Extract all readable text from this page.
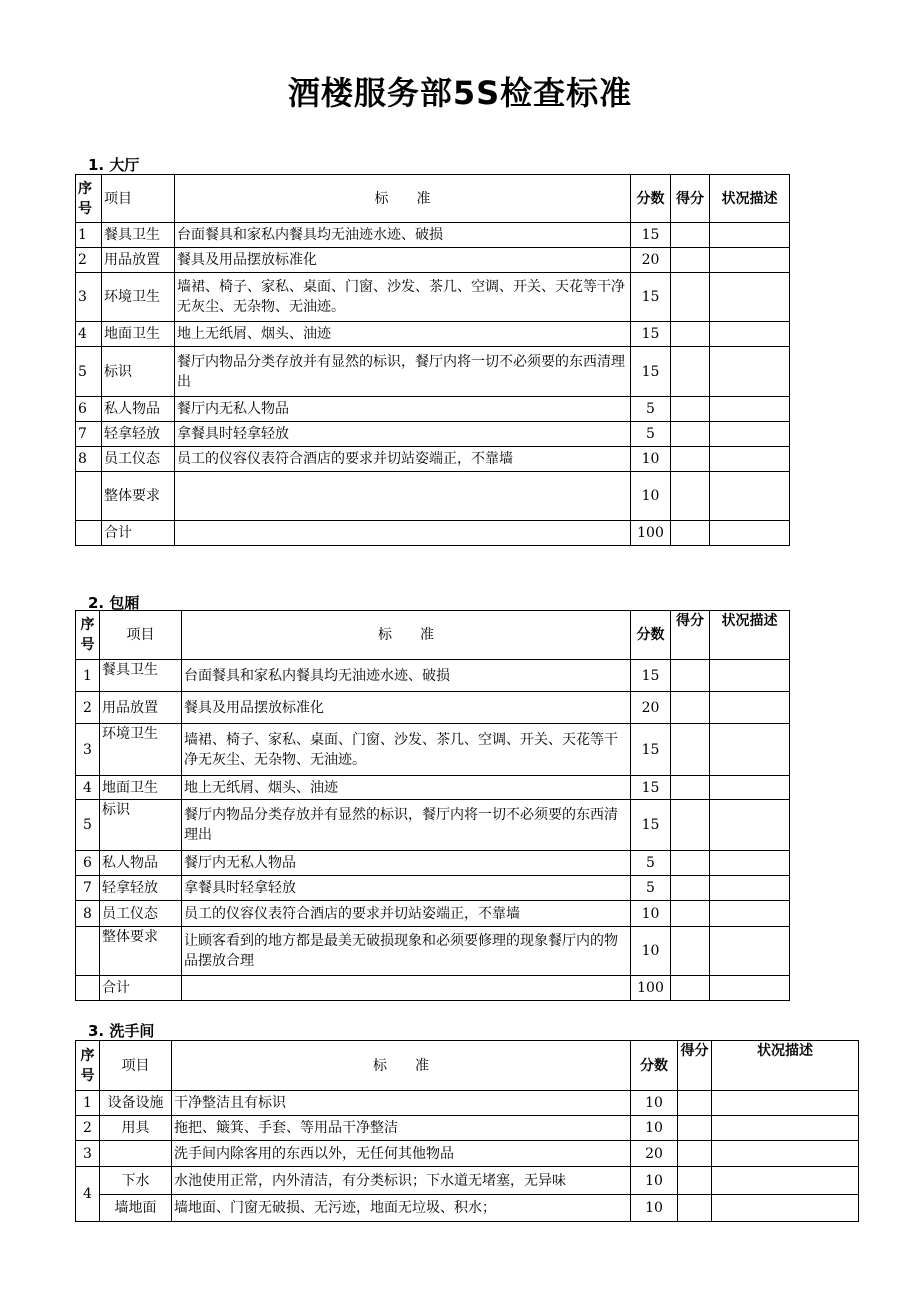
酒楼服务部5S检查标准
1. 大厅
序号	项目	标　　准	分数	得分	状况描述
1	餐具卫生	台面餐具和家私内餐具均无油迹水迹、破损	15		
2	用品放置	餐具及用品摆放标准化	20		
3	环境卫生	墙裙、椅子、家私、桌面、门窗、沙发、茶几、空调、开关、天花等干净无灰尘、无杂物、无油迹。	15		
4	地面卫生	地上无纸屑、烟头、油迹	15		
5	标识	餐厅内物品分类存放并有显然的标识，餐厅内将一切不必须要的东西清理出	15		
6	私人物品	餐厅内无私人物品	5		
7	轻拿轻放	拿餐具时轻拿轻放	5		
8	员工仪态	员工的仪容仪表符合酒店的要求并切站姿端正，不靠墙	10		
	整体要求		10		
	合计		100		
2. 包厢
序号	项目	标　　准	分数	得分	状况描述
1	餐具卫生	台面餐具和家私内餐具均无油迹水迹、破损	15		
2	用品放置	餐具及用品摆放标准化	20		
3	环境卫生	墙裙、椅子、家私、桌面、门窗、沙发、茶几、空调、开关、天花等干净无灰尘、无杂物、无油迹。	15		
4	地面卫生	地上无纸屑、烟头、油迹	15		
5	标识	餐厅内物品分类存放并有显然的标识，餐厅内将一切不必须要的东西清理出	15		
6	私人物品	餐厅内无私人物品	5		
7	轻拿轻放	拿餐具时轻拿轻放	5		
8	员工仪态	员工的仪容仪表符合酒店的要求并切站姿端正，不靠墙	10		
	整体要求	让顾客看到的地方都是最美无破损现象和必须要修理的现象餐厅内的物品摆放合理	10		
	合计		100		
3. 洗手间
序号	项目	标　　准	分数	得分	状况描述
1	设备设施	干净整洁且有标识	10		
2	用具	拖把、簸箕、手套、等用品干净整洁	10		
3		洗手间内除客用的东西以外，无任何其他物品	20		
4	下水	水池使用正常，内外清洁，有分类标识；下水道无堵塞，无异味	10		
	墙地面	墙地面、门窗无破损、无污迹，地面无垃圾、积水；	10		
